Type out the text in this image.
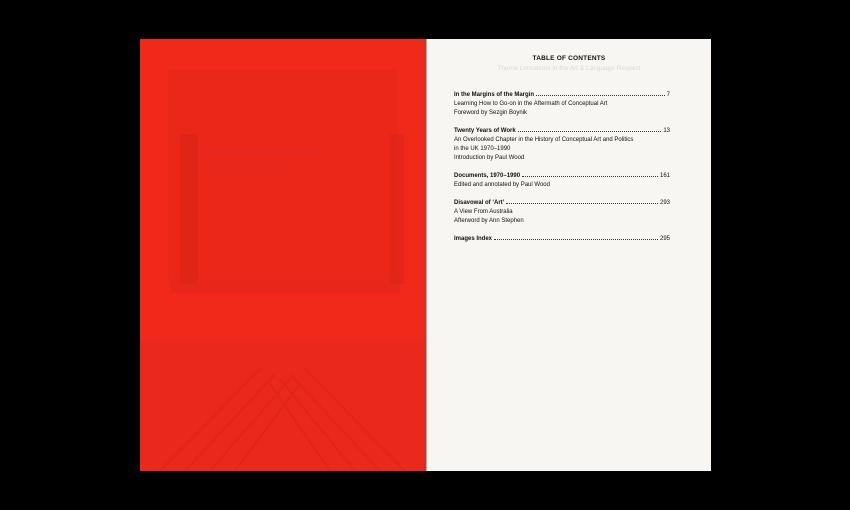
TABLE OF CONTENTS
Theme Limitations in the Art & Language Respect
In the Margins of the Margin	7
Learning How to Go-on in the Aftermath of Conceptual Art
Foreword by Sezgin Boynik
Twenty Years of Work	13
An Overlooked Chapter in the History of Conceptual Art and Politics
in the UK 1970–1990
Introduction by Paul Wood
Documents, 1970–1990	161
Edited and annotated by Paul Wood
Disavowal of ‘Art’	293
A View From Australia
Afterword by Ann Stephen
Images Index	295
